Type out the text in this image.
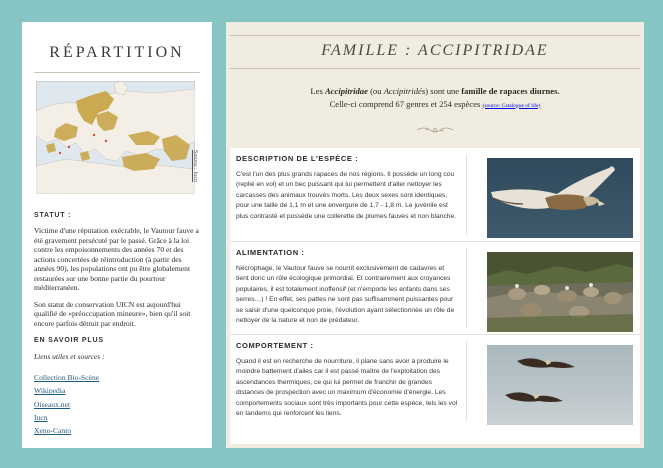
RÉPARTITION
STATUT :

Victime d'une réputation exécrable, le Vautour fauve a été gravement persécuté par le passé. Grâce à la loi contre les empoisonnements des années 70 et des actions concertées de réintroduction (à partir des années 90), les populations ont pu être globalement restaurées sur une bonne partie du pourtour méditerranéen.

Son statut de conservation UICN est aujourd'hui qualifié de «préoccupation mineure», bien qu'il soit encore parfois détruit par endroit.

EN SAVOIR PLUS
Liens utiles et sources :
Collection Bio-Scène
Wikipedia
Oiseaux.net
Iucn
Xeno-Canto
Source : Iucn
FAMILLE : ACCIPITRIDAE
Les Accipitridae (ou Accipitridés) sont une famille de rapaces diurnes.
Celle-ci comprend 67 genres et 254 espèces (source: Catalogue of life)
DESCRIPTION DE L'ESPÈCE :

C'est l'un des plus grands rapaces de nos régions. Il possède un long cou (replié en vol) et un bec puissant qui lui permettent d'aller nettoyer les carcasses des animaux trouvés morts. Les deux sexes sont identiques, pour une taille de 1,1 m et une envergure de 1,7 - 1,8 m. Le juvénile est plus contrasté et possède une collerette de plumes fauves et non blanche.

ALIMENTATION :

Nécrophage, le Vautour fauve se nourrit exclusivement de cadavres et tient donc un rôle écologique primordial. Et contrairement aux croyances populaires, il est totalement inoffensif (et n'emporte les enfants dans ses serres…) ! En effet, ses pattes ne sont pas suffisamment puissantes pour se saisir d'une quelconque proie, l'évolution ayant sélectionnée un rôle de nettoyer de la nature et non de prédateur.

COMPORTEMENT :

Quand il est en recherche de nourriture, il plane sans avoir à produire le moindre battement d'ailes car il est passé maître de l'exploitation des ascendances thermiques, ce qui lui permet de franchir de grandes distances de prospection avec un maximum d'économie d'énergie. Les comportements sociaux sont très importants pour cette espèce, tels les vol en tandems qui renforcent les liens.
